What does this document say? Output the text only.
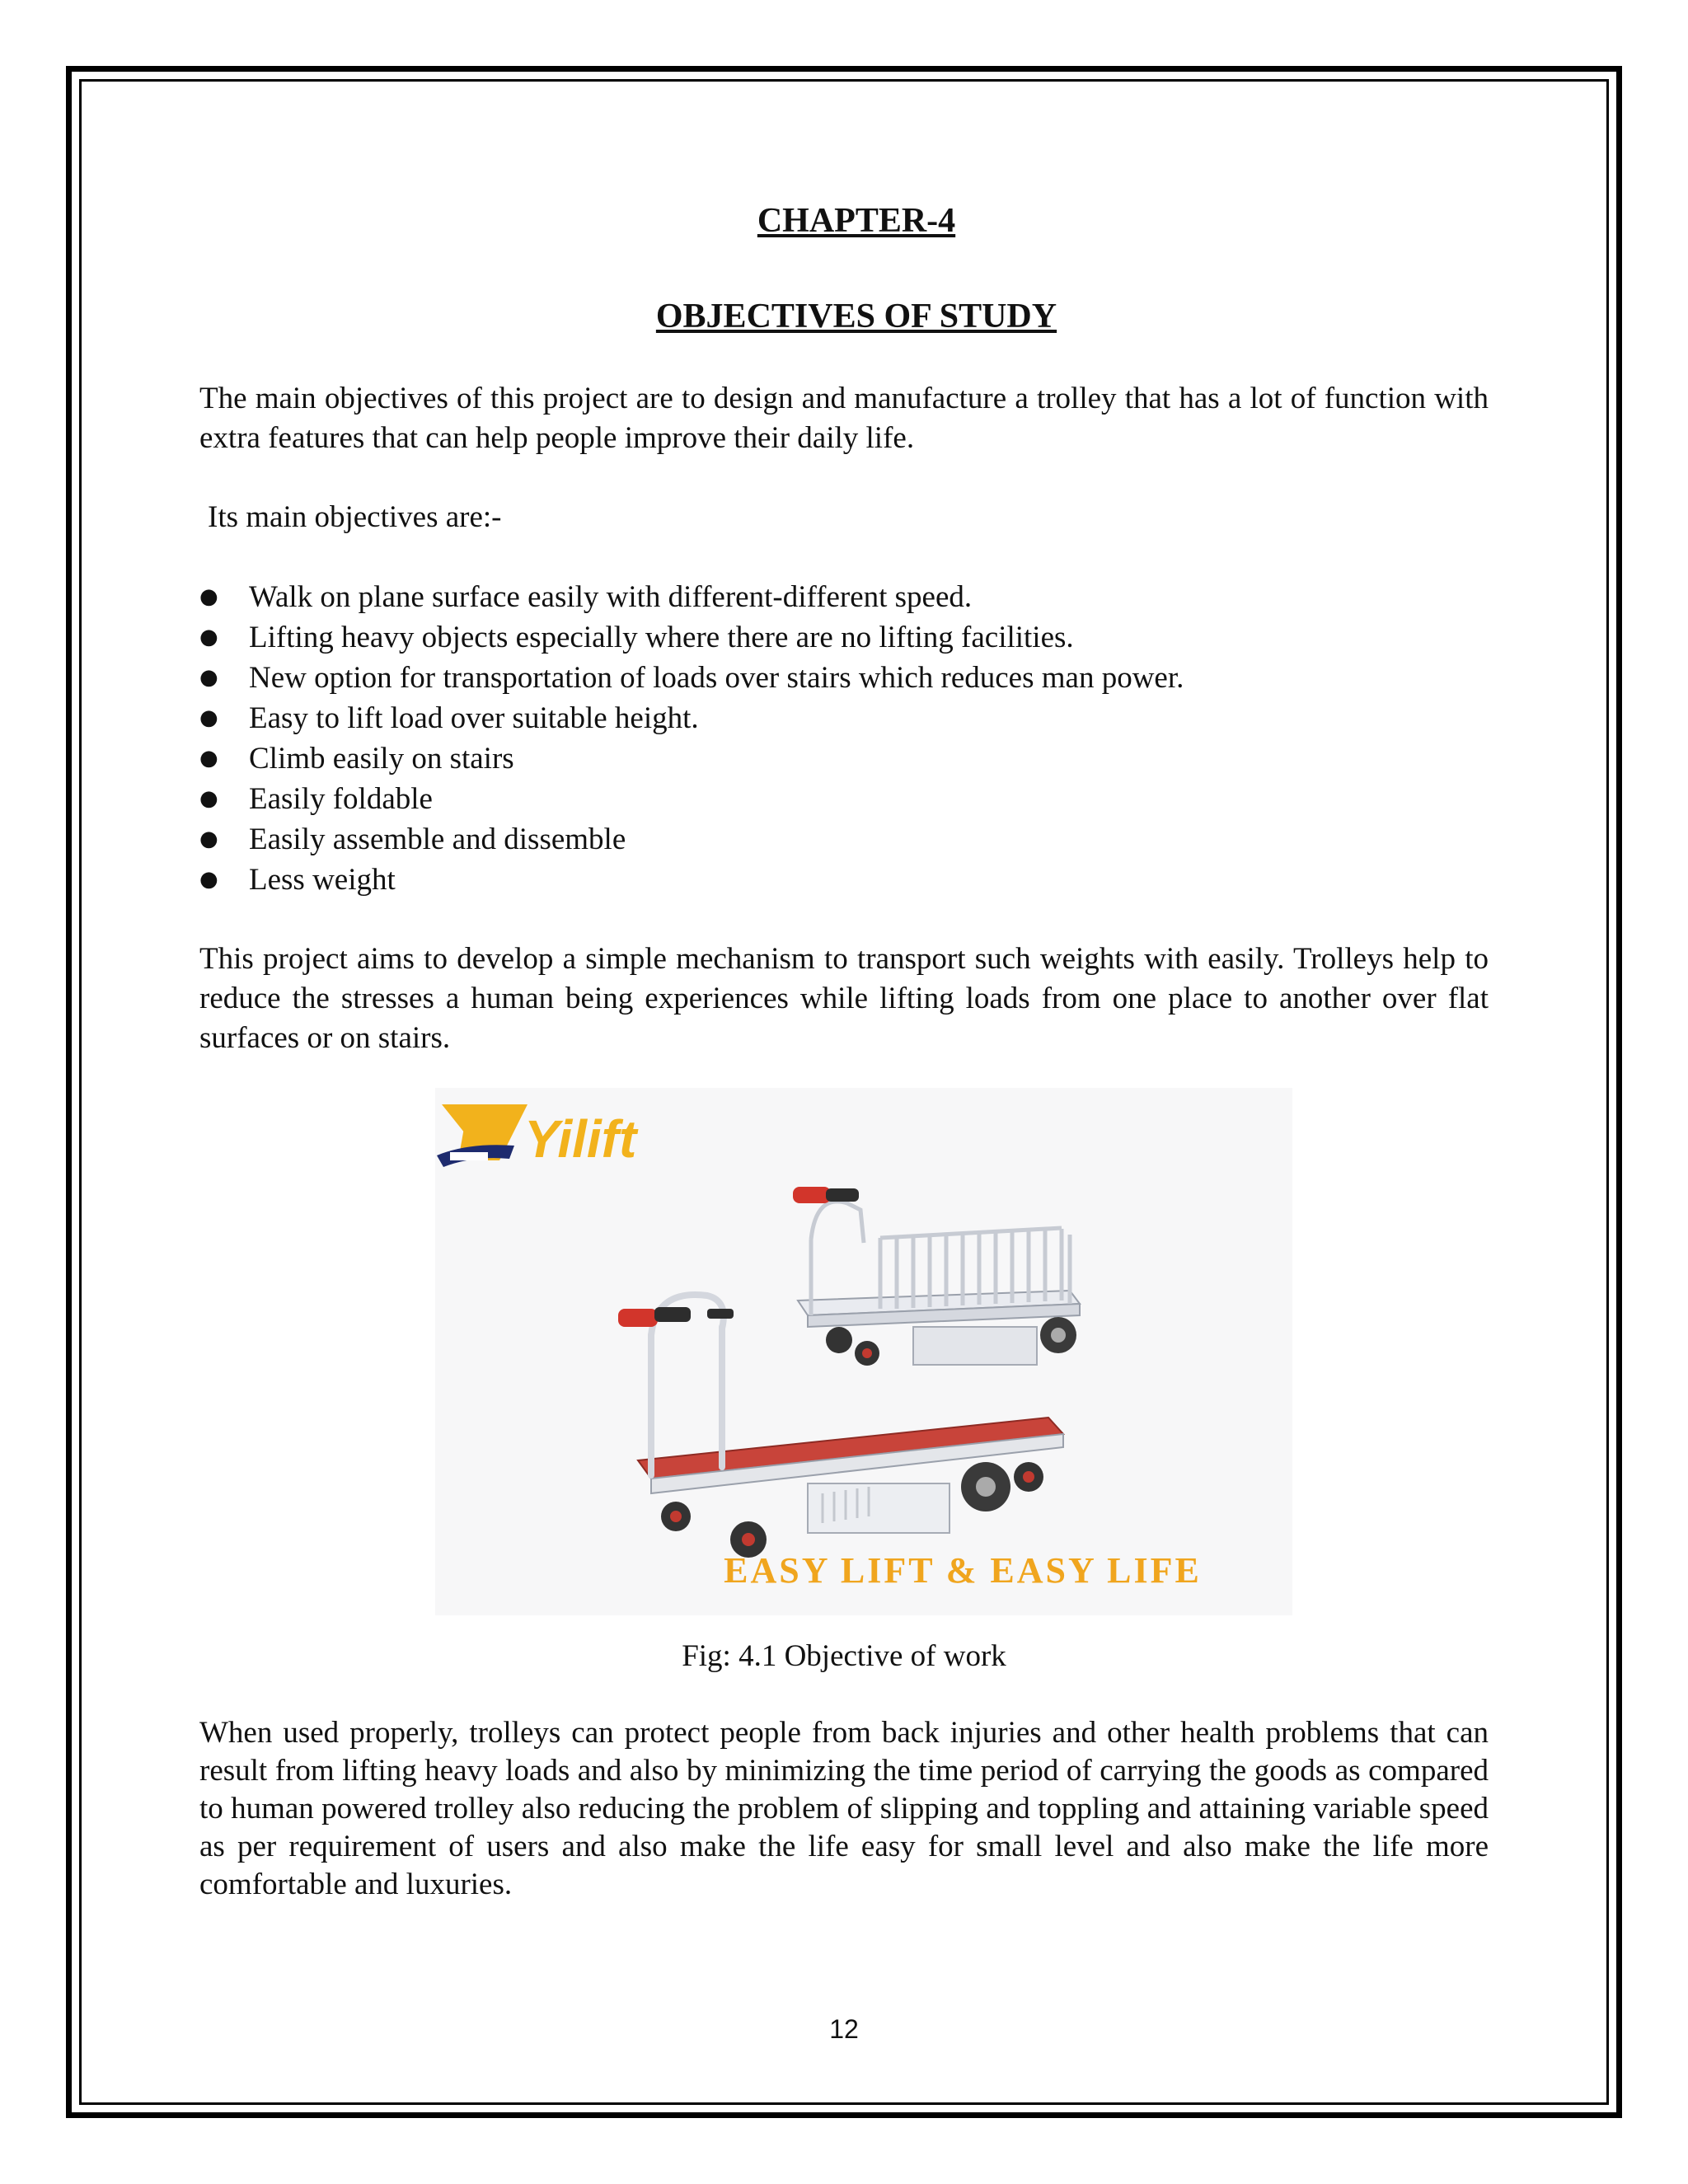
CHAPTER-4
OBJECTIVES OF STUDY

The main objectives of this project are to design and manufacture a trolley that has a lot of function with extra features that can help people improve their daily life.

Its main objectives are:-

● Walk on plane surface easily with different-different speed.
● Lifting heavy objects especially where there are no lifting facilities.
● New option for transportation of loads over stairs which reduces man power.
● Easy to lift load over suitable height.
● Climb easily on stairs
● Easily foldable
● Easily assemble and dissemble
● Less weight

This project aims to develop a simple mechanism to transport such weights with easily. Trolleys help to reduce the stresses a human being experiences while lifting loads from one place to another over flat surfaces or on stairs.

Yilift
EASY LIFT & EASY LIFE
Fig: 4.1 Objective of work

When used properly, trolleys can protect people from back injuries and other health problems that can result from lifting heavy loads and also by minimizing the time period of carrying the goods as compared to human powered trolley also reducing the problem of slipping and toppling and attaining variable speed as per requirement of users and also make the life easy for small level and also make the life more comfortable and luxuries.

12
